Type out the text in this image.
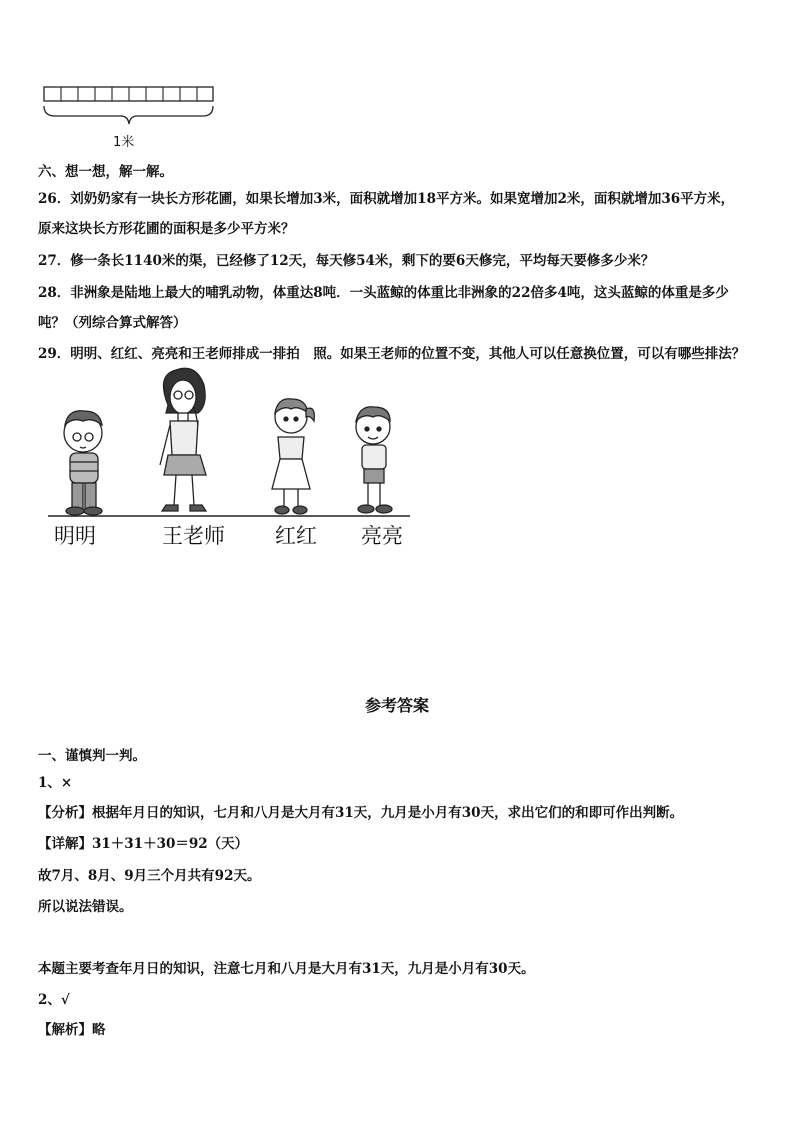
1米
六、想一想，解一解。
26．刘奶奶家有一块长方形花圃，如果长增加3米，面积就增加18平方米。如果宽增加2米，面积就增加36平方米，
原来这块长方形花圃的面积是多少平方米？
27．修一条长1140米的渠，已经修了12天，每天修54米，剩下的要6天修完，平均每天要修多少米？
28．非洲象是陆地上最大的哺乳动物，体重达8吨．一头蓝鲸的体重比非洲象的22倍多4吨，这头蓝鲸的体重是多少
吨？（列综合算式解答）
29．明明、红红、亮亮和王老师排成一排拍　照。如果王老师的位置不变，其他人可以任意换位置，可以有哪些排法？
明明	王老师 红红 亮亮
参考答案
一、谨慎判一判。
1、×
【分析】根据年月日的知识，七月和八月是大月有31天，九月是小月有30天，求出它们的和即可作出判断。
【详解】31＋31＋30＝92（天）
故7月、8月、9月三个月共有92天。
所以说法错误。
本题主要考查年月日的知识，注意七月和八月是大月有31天，九月是小月有30天。
2、√
【解析】略
